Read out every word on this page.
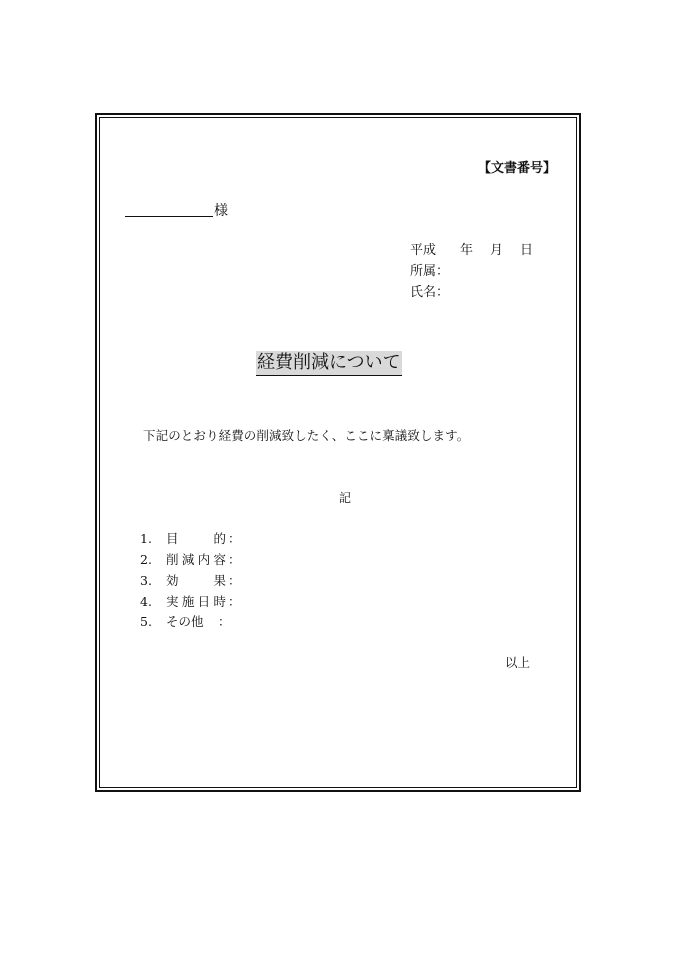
【文書番号】
様
平成 年 月 日
所属：
氏名：
経費削減について
下記のとおり経費の削減致したく、ここに稟議致します。
記
1. 目　　的 ：
2. 削減内容 ：
3. 効　　果 ：
4. 実施日時 ：
5. その他　：
以上
